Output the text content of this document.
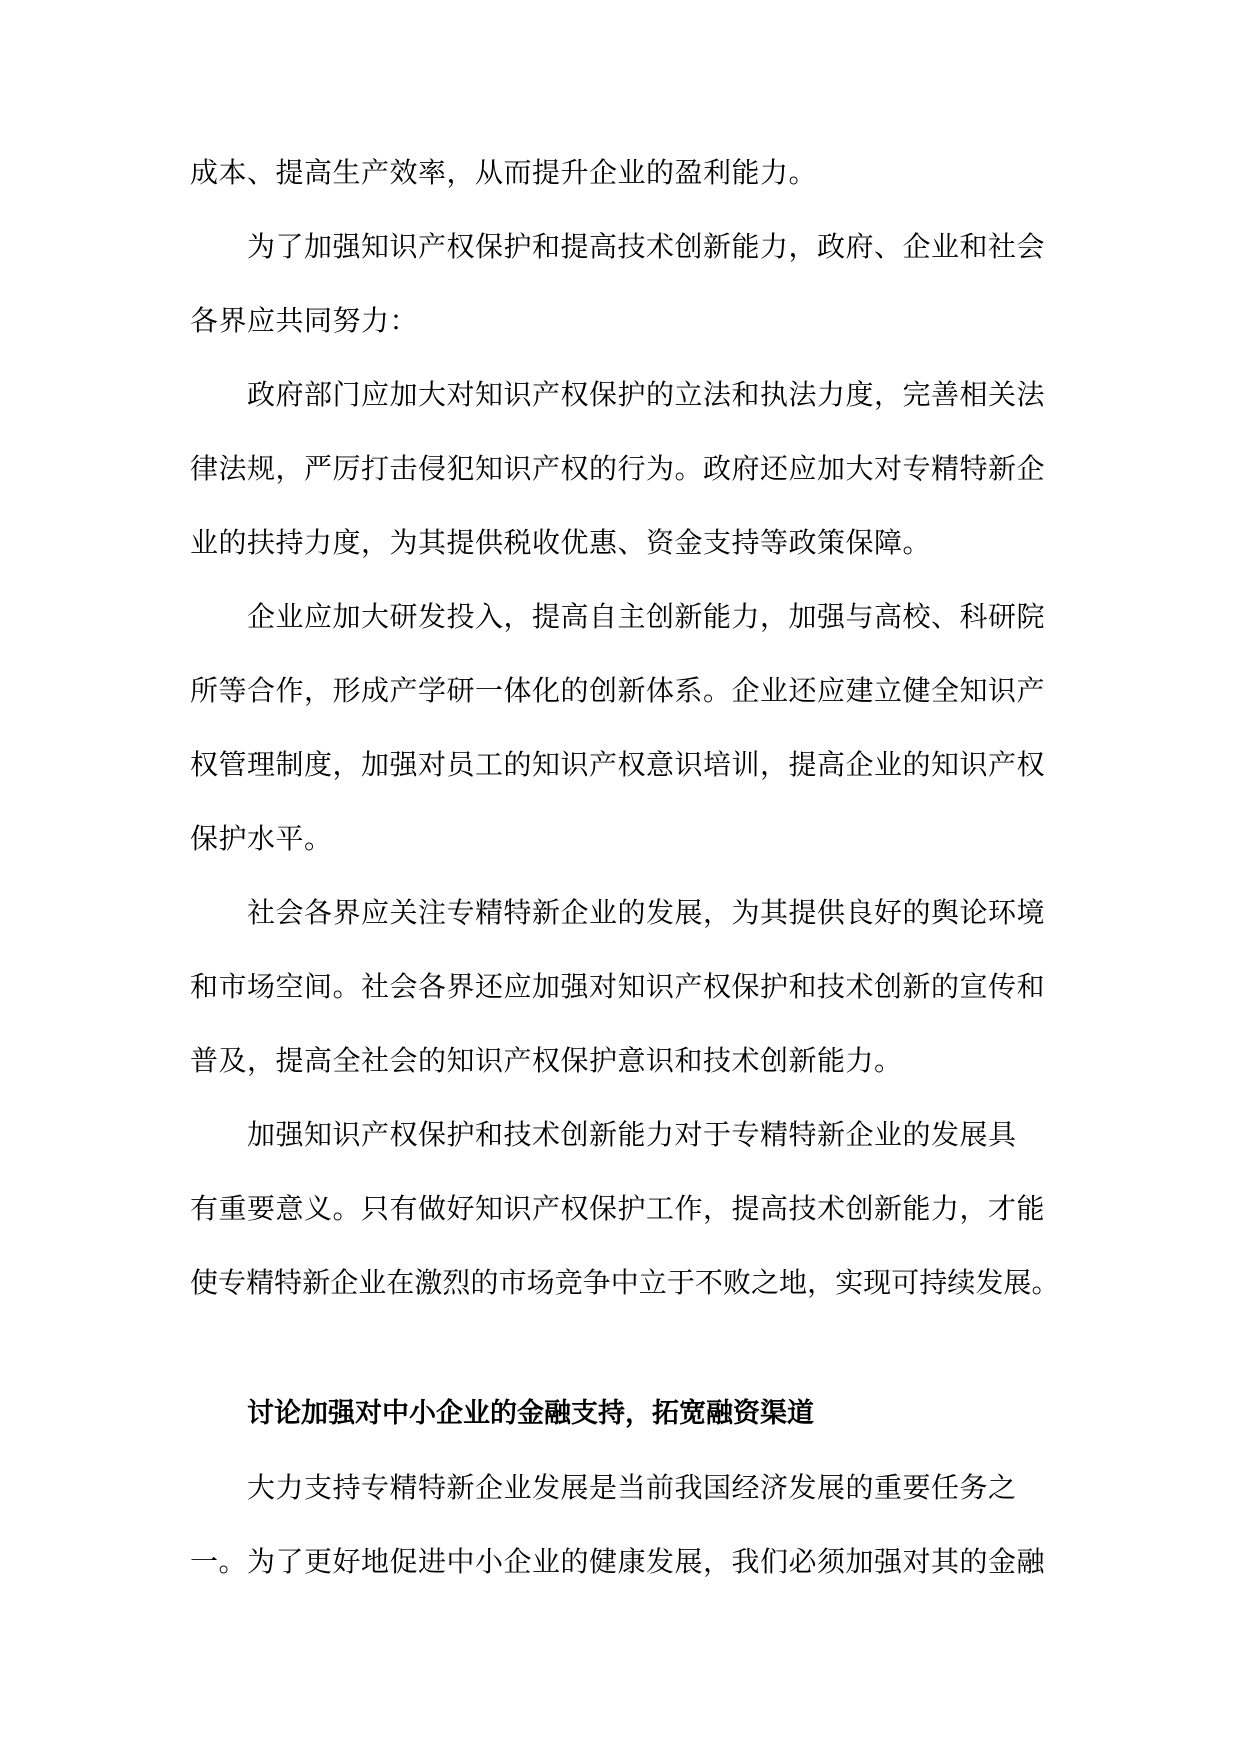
成本、提高生产效率，从而提升企业的盈利能力。
为了加强知识产权保护和提高技术创新能力，政府、企业和社会
各界应共同努力：
政府部门应加大对知识产权保护的立法和执法力度，完善相关法
律法规，严厉打击侵犯知识产权的行为。政府还应加大对专精特新企
业的扶持力度，为其提供税收优惠、资金支持等政策保障。
企业应加大研发投入，提高自主创新能力，加强与高校、科研院
所等合作，形成产学研一体化的创新体系。企业还应建立健全知识产
权管理制度，加强对员工的知识产权意识培训，提高企业的知识产权
保护水平。
社会各界应关注专精特新企业的发展，为其提供良好的舆论环境
和市场空间。社会各界还应加强对知识产权保护和技术创新的宣传和
普及，提高全社会的知识产权保护意识和技术创新能力。
加强知识产权保护和技术创新能力对于专精特新企业的发展具
有重要意义。只有做好知识产权保护工作，提高技术创新能力，才能
使专精特新企业在激烈的市场竞争中立于不败之地，实现可持续发展。
讨论加强对中小企业的金融支持，拓宽融资渠道
大力支持专精特新企业发展是当前我国经济发展的重要任务之
一。为了更好地促进中小企业的健康发展，我们必须加强对其的金融
